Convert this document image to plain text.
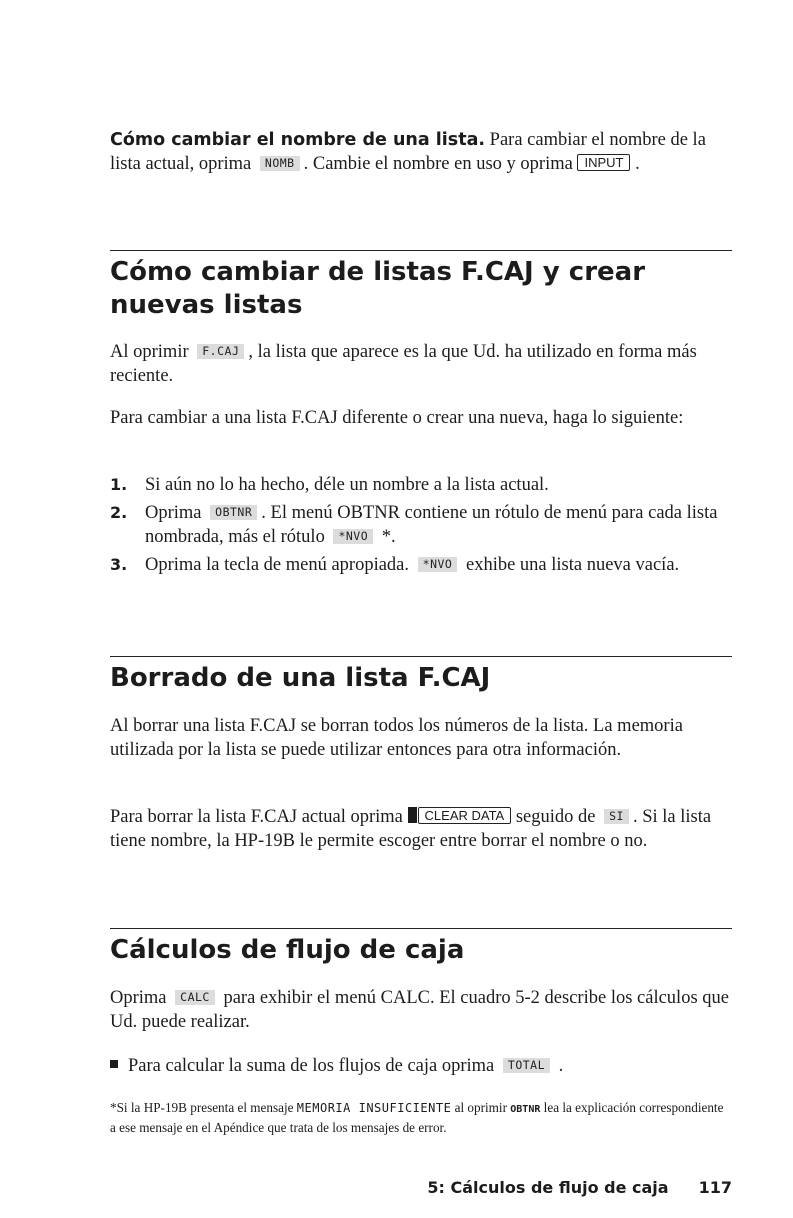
Cómo cambiar el nombre de una lista. Para cambiar el nombre de la lista actual, oprima NOMB . Cambie el nombre en uso y oprima INPUT .

Cómo cambiar de listas F.CAJ y crear nuevas listas

Al oprimir F.CAJ , la lista que aparece es la que Ud. ha utilizado en forma más reciente.

Para cambiar a una lista F.CAJ diferente o crear una nueva, haga lo siguiente:

1. Si aún no lo ha hecho, déle un nombre a la lista actual.
2. Oprima OBTNR . El menú OBTNR contiene un rótulo de menú para cada lista nombrada, más el rótulo *NVO *.
3. Oprima la tecla de menú apropiada. *NVO exhibe una lista nueva vacía.
Borrado de una lista F.CAJ

Al borrar una lista F.CAJ se borran todos los números de la lista. La memoria utilizada por la lista se puede utilizar entonces para otra información.

Para borrar la lista F.CAJ actual oprima CLEAR DATA seguido de SI . Si la lista tiene nombre, la HP-19B le permite escoger entre borrar el nombre o no.

Cálculos de flujo de caja

Oprima CALC para exhibir el menú CALC. El cuadro 5-2 describe los cálculos que Ud. puede realizar.

Para calcular la suma de los flujos de caja oprima TOTAL .

*Si la HP-19B presenta el mensaje MEMORIA INSUFICIENTE al oprimir OBTNR lea la explicación correspondiente a ese mensaje en el Apéndice que trata de los mensajes de error.

5: Cálculos de flujo de caja 117
